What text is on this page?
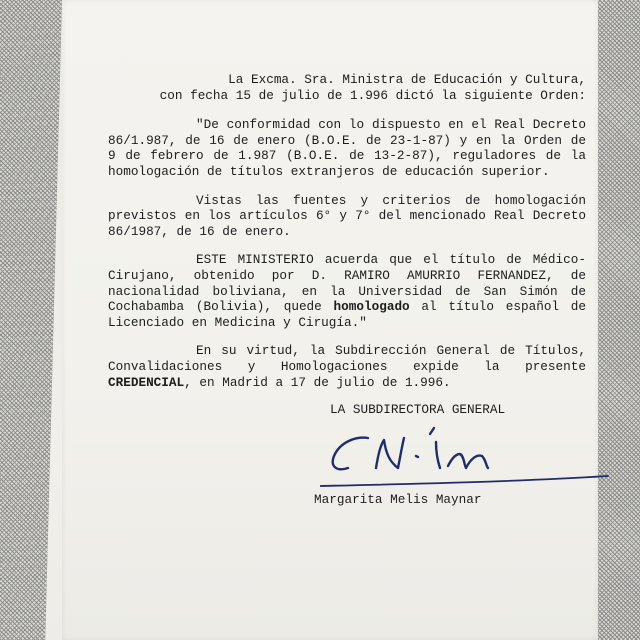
La Excma. Sra. Ministra de Educación y Cultura,
con fecha 15 de julio de 1.996 dictó la siguiente Orden:

"De conformidad con lo dispuesto en el Real Decreto 86/1.987, de 16 de enero (B.O.E. de 23-1-87) y en la Orden de 9 de febrero de 1.987 (B.O.E. de 13-2-87), reguladores de la homologación de títulos extranjeros de educación superior.

Vistas las fuentes y criterios de homologación previstos en los artículos 6° y 7° del mencionado Real Decreto 86/1987, de 16 de enero.

ESTE MINISTERIO acuerda que el título de Médico-Cirujano, obtenido por D. RAMIRO AMURRIO FERNANDEZ, de nacionalidad boliviana, en la Universidad de San Simón de Cochabamba (Bolivia), quede homologado al título español de Licenciado en Medicina y Cirugía."

En su virtud, la Subdirección General de Títulos, Convalidaciones y Homologaciones expide la presente CREDENCIAL, en Madrid a 17 de julio de 1.996.

LA SUBDIRECTORA GENERAL
Margarita Melis Maynar
